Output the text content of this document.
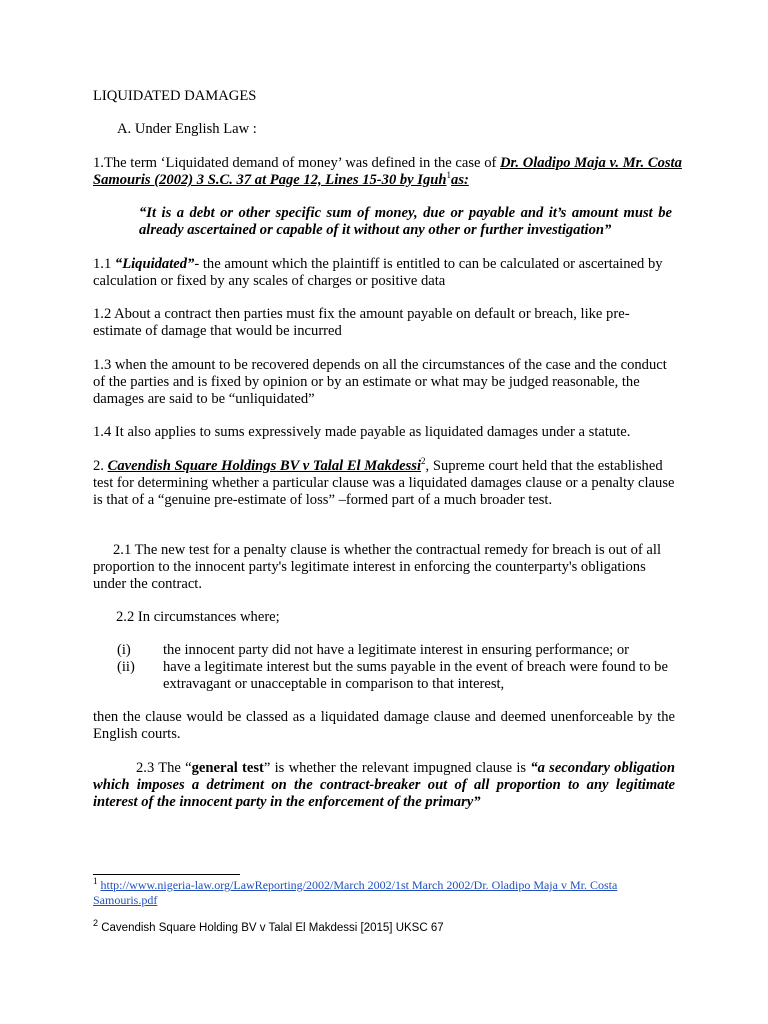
LIQUIDATED DAMAGES

A. Under English Law :

1.The term ‘Liquidated demand of money’ was defined in the case of Dr. Oladipo Maja v. Mr. Costa Samouris (2002) 3 S.C. 37 at Page 12, Lines 15-30 by Iguh$^1$as:

“It is a debt or other specific sum of money, due or payable and it’s amount must be already ascertained or capable of it without any other or further investigation”

1.1 “Liquidated”- the amount which the plaintiff is entitled to can be calculated or ascertained by calculation or fixed by any scales of charges or positive data

1.2 About a contract then parties must fix the amount payable on default or breach, like pre-estimate of damage that would be incurred

1.3 when the amount to be recovered depends on all the circumstances of the case and the conduct of the parties and is fixed by opinion or by an estimate or what may be judged reasonable, the damages are said to be “unliquidated”

1.4 It also applies to sums expressively made payable as liquidated damages under a statute.

2. Cavendish Square Holdings BV v Talal El Makdessi$^2$, Supreme court held that the established test for determining whether a particular clause was a liquidated damages clause or a penalty clause is that of a “genuine pre-estimate of loss” –formed part of a much broader test.

2.1 The new test for a penalty clause is whether the contractual remedy for breach is out of all proportion to the innocent party's legitimate interest in enforcing the counterparty's obligations under the contract.

2.2 In circumstances where;

(i) the innocent party did not have a legitimate interest in ensuring performance; or
(ii) have a legitimate interest but the sums payable in the event of breach were found to be extravagant or unacceptable in comparison to that interest,

then the clause would be classed as a liquidated damage clause and deemed unenforceable by the English courts.

2.3 The “general test” is whether the relevant impugned clause is “a secondary obligation which imposes a detriment on the contract-breaker out of all proportion to any legitimate interest of the innocent party in the enforcement of the primary”

$^1$ http://www.nigeria-law.org/LawReporting/2002/March 2002/1st March 2002/Dr. Oladipo Maja v Mr. Costa Samouris.pdf
$^2$ Cavendish Square Holding BV v Talal El Makdessi [2015] UKSC 67
